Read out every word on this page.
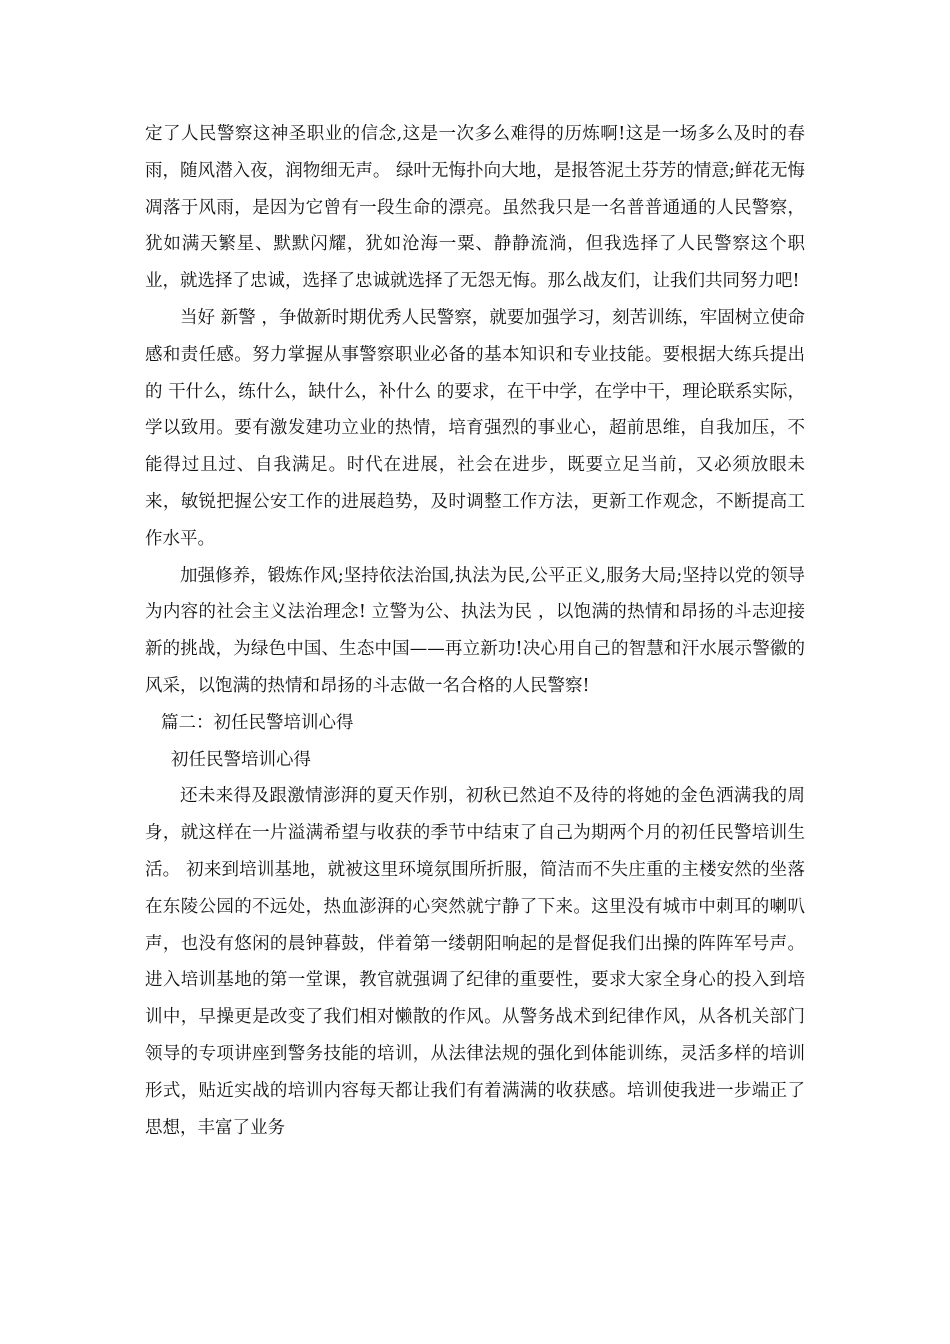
定了人民警察这神圣职业的信念,这是一次多么难得的历炼啊!这是一场多么及时的春雨，随风潜入夜，润物细无声。 绿叶无悔扑向大地，是报答泥土芬芳的情意;鲜花无悔凋落于风雨，是因为它曾有一段生命的漂亮。虽然我只是一名普普通通的人民警察，犹如满天繁星、默默闪耀，犹如沧海一粟、静静流淌，但我选择了人民警察这个职业，就选择了忠诚，选择了忠诚就选择了无怨无悔。那么战友们，让我们共同努力吧!

当好 新警 ，争做新时期优秀人民警察，就要加强学习，刻苦训练，牢固树立使命感和责任感。努力掌握从事警察职业必备的基本知识和专业技能。要根据大练兵提出的 干什么，练什么，缺什么，补什么 的要求，在干中学，在学中干，理论联系实际，学以致用。要有激发建功立业的热情，培育强烈的事业心，超前思维，自我加压，不能得过且过、自我满足。时代在进展，社会在进步，既要立足当前，又必须放眼未来，敏锐把握公安工作的进展趋势，及时调整工作方法，更新工作观念，不断提高工作水平。

加强修养，锻炼作风;坚持依法治国,执法为民,公平正义,服务大局;坚持以党的领导为内容的社会主义法治理念! 立警为公、执法为民 ，以饱满的热情和昂扬的斗志迎接新的挑战，为绿色中国、生态中国——再立新功!决心用自己的智慧和汗水展示警徽的风采，以饱满的热情和昂扬的斗志做一名合格的人民警察!

篇二：初任民警培训心得

初任民警培训心得

还未来得及跟激情澎湃的夏天作别，初秋已然迫不及待的将她的金色洒满我的周身，就这样在一片溢满希望与收获的季节中结束了自己为期两个月的初任民警培训生活。 初来到培训基地，就被这里环境氛围所折服，简洁而不失庄重的主楼安然的坐落在东陵公园的不远处，热血澎湃的心突然就宁静了下来。这里没有城市中刺耳的喇叭声，也没有悠闲的晨钟暮鼓，伴着第一缕朝阳响起的是督促我们出操的阵阵军号声。进入培训基地的第一堂课，教官就强调了纪律的重要性，要求大家全身心的投入到培训中，早操更是改变了我们相对懒散的作风。从警务战术到纪律作风，从各机关部门领导的专项讲座到警务技能的培训，从法律法规的强化到体能训练，灵活多样的培训形式，贴近实战的培训内容每天都让我们有着满满的收获感。培训使我进一步端正了思想，丰富了业务
